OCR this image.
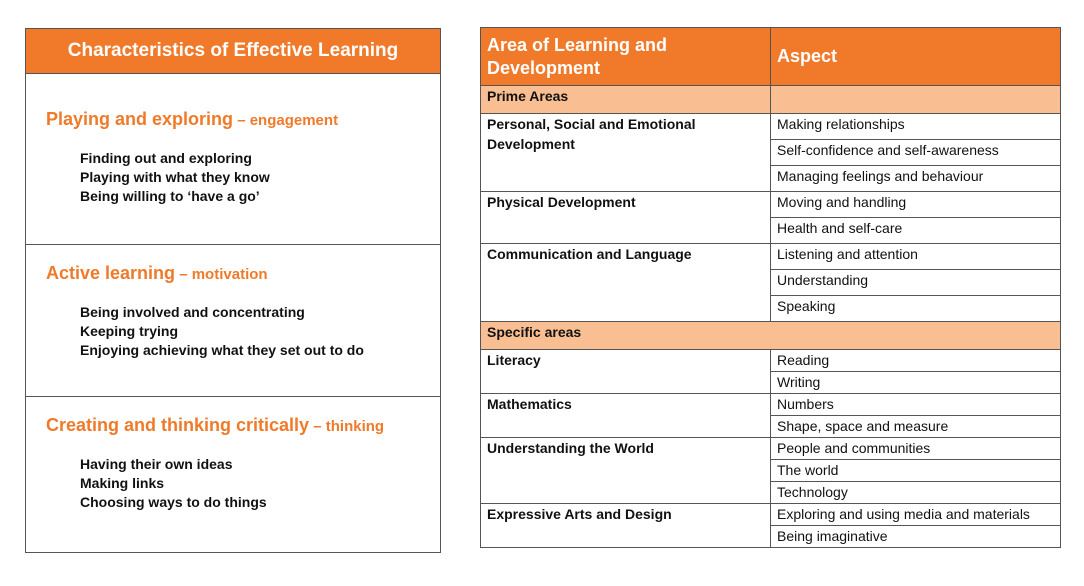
Characteristics of Effective Learning
Playing and exploring – engagement
Finding out and exploring
Playing with what they know
Being willing to ‘have a go’
Active learning – motivation
Being involved and concentrating
Keeping trying
Enjoying achieving what they set out to do
Creating and thinking critically – thinking
Having their own ideas
Making links
Choosing ways to do things
Area of Learning and Development	Aspect
Prime Areas	
Personal, Social and Emotional Development	Making relationships
	Self-confidence and self-awareness
	Managing feelings and behaviour
Physical Development	Moving and handling
	Health and self-care
Communication and Language	Listening and attention
	Understanding
	Speaking
Specific areas	
Literacy	Reading
	Writing
Mathematics	Numbers
	Shape, space and measure
Understanding the World	People and communities
	The world
	Technology
Expressive Arts and Design	Exploring and using media and materials
	Being imaginative
